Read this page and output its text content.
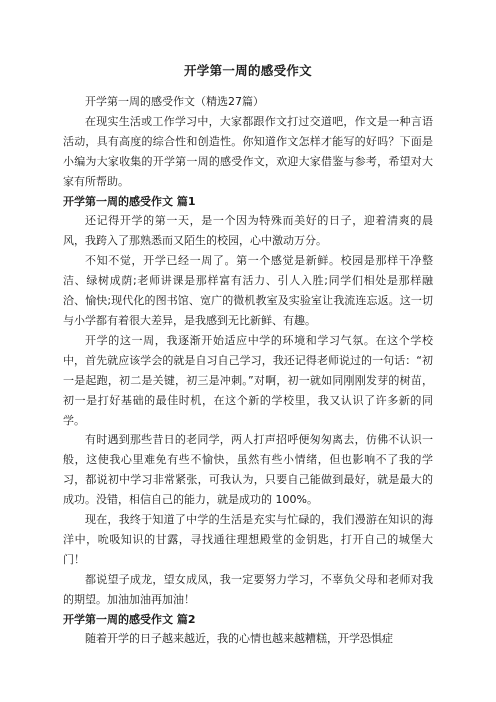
开学第一周的感受作文

开学第一周的感受作文（精选27篇）

在现实生活或工作学习中，大家都跟作文打过交道吧，作文是一种言语活动，具有高度的综合性和创造性。你知道作文怎样才能写的好吗？下面是小编为大家收集的开学第一周的感受作文，欢迎大家借鉴与参考，希望对大家有所帮助。

开学第一周的感受作文 篇1

还记得开学的第一天，是一个因为特殊而美好的日子，迎着清爽的晨风，我跨入了那熟悉而又陌生的校园，心中激动万分。

不知不觉，开学已经一周了。第一个感觉是新鲜。校园是那样干净整洁、绿树成荫;老师讲课是那样富有活力、引人入胜;同学们相处是那样融洽、愉快;现代化的图书馆、宽广的微机教室及实验室让我流连忘返。这一切与小学都有着很大差异，是我感到无比新鲜、有趣。

开学的这一周，我逐渐开始适应中学的环境和学习气氛。在这个学校中，首先就应该学会的就是自习自己学习，我还记得老师说过的一句话：“初一是起跑，初二是关键，初三是冲刺。”对啊，初一就如同刚刚发芽的树苗，初一是打好基础的最佳时机，在这个新的学校里，我又认识了许多新的同学。

有时遇到那些昔日的老同学，两人打声招呼便匆匆离去，仿佛不认识一般，这使我心里难免有些不愉快，虽然有些小情绪，但也影响不了我的学习，都说初中学习非常紧张，可我认为，只要自己能做到最好，就是最大的成功。没错，相信自己的能力，就是成功的 100%。

现在，我终于知道了中学的生活是充实与忙碌的，我们漫游在知识的海洋中，吮吸知识的甘露，寻找通往理想殿堂的金钥匙，打开自己的城堡大门！

都说望子成龙，望女成凤，我一定要努力学习，不辜负父母和老师对我的期望。加油加油再加油！

开学第一周的感受作文 篇2

随着开学的日子越来越近，我的心情也越来越糟糕，开学恐惧症
